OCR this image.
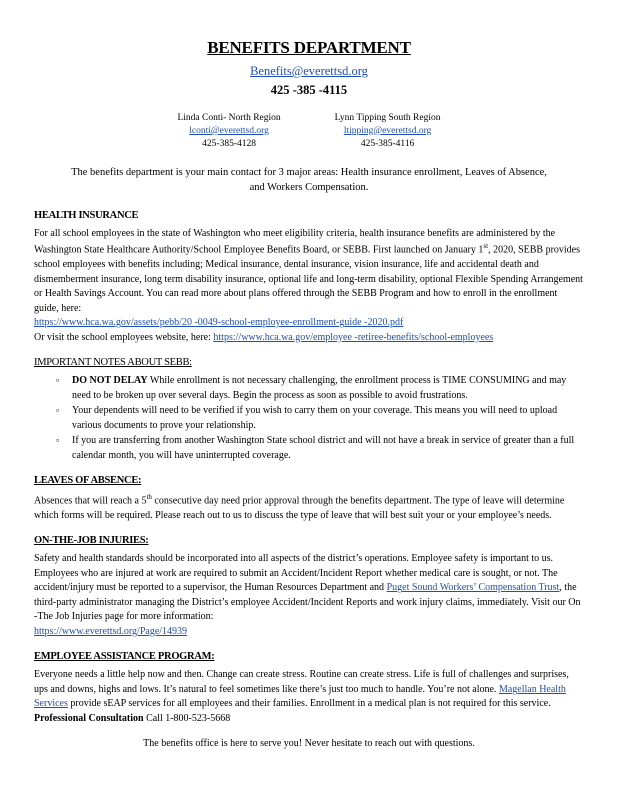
BENEFITS DEPARTMENT
Benefits@everettsd.org
425 -385 -4115
Linda Conti- North Region
lconti@everettsd.org
425-385-4128
Lynn Tipping South Region
ltipping@everettsd.org
425-385-4116
The benefits department is your main contact for 3 major areas: Health insurance enrollment, Leaves of Absence, and Workers Compensation.
HEALTH INSURANCE

For all school employees in the state of Washington who meet eligibility criteria, health insurance benefits are administered by the Washington State Healthcare Authority/School Employee Benefits Board, or SEBB. First launched on January 1st, 2020, SEBB provides school employees with benefits including; Medical insurance, dental insurance, vision insurance, life and accidental death and dismemberment insurance, long term disability insurance, optional life and long-term disability, optional Flexible Spending Arrangement or Health Savings Account. You can read more about plans offered through the SEBB Program and how to enroll in the enrollment guide, here:
https://www.hca.wa.gov/assets/pebb/20 -0049-school-employee-enrollment-guide -2020.pdf
Or visit the school employees website, here: https://www.hca.wa.gov/employee -retiree-benefits/school-employees

IMPORTANT NOTES ABOUT SEBB:
▫ DO NOT DELAY While enrollment is not necessary challenging, the enrollment process is TIME CONSUMING and may need to be broken up over several days. Begin the process as soon as possible to avoid frustrations.
▫ Your dependents will need to be verified if you wish to carry them on your coverage. This means you will need to upload various documents to prove your relationship.
▫ If you are transferring from another Washington State school district and will not have a break in service of greater than a full calendar month, you will have uninterrupted coverage.
LEAVES OF ABSENCE:

Absences that will reach a 5th consecutive day need prior approval through the benefits department. The type of leave will determine which forms will be required. Please reach out to us to discuss the type of leave that will best suit your or your employee’s needs.

ON-THE-JOB INJURIES:

Safety and health standards should be incorporated into all aspects of the district’s operations. Employee safety is important to us. Employees who are injured at work are required to submit an Accident/Incident Report whether medical care is sought, or not. The accident/injury must be reported to a supervisor, the Human Resources Department and Puget Sound Workers’ Compensation Trust, the third-party administrator managing the District’s employee Accident/Incident Reports and work injury claims, immediately. Visit our On -The Job Injuries page for more information:
https://www.everettsd.org/Page/14939

EMPLOYEE ASSISTANCE PROGRAM:

Everyone needs a little help now and then. Change can create stress. Routine can create stress. Life is full of challenges and surprises, ups and downs, highs and lows. It’s natural to feel sometimes like there’s just too much to handle. You’re not alone. Magellan Health Services provide sEAP services for all employees and their families. Enrollment in a medical plan is not required for this service. Professional Consultation Call 1-800-523-5668

The benefits office is here to serve you! Never hesitate to reach out with questions.
